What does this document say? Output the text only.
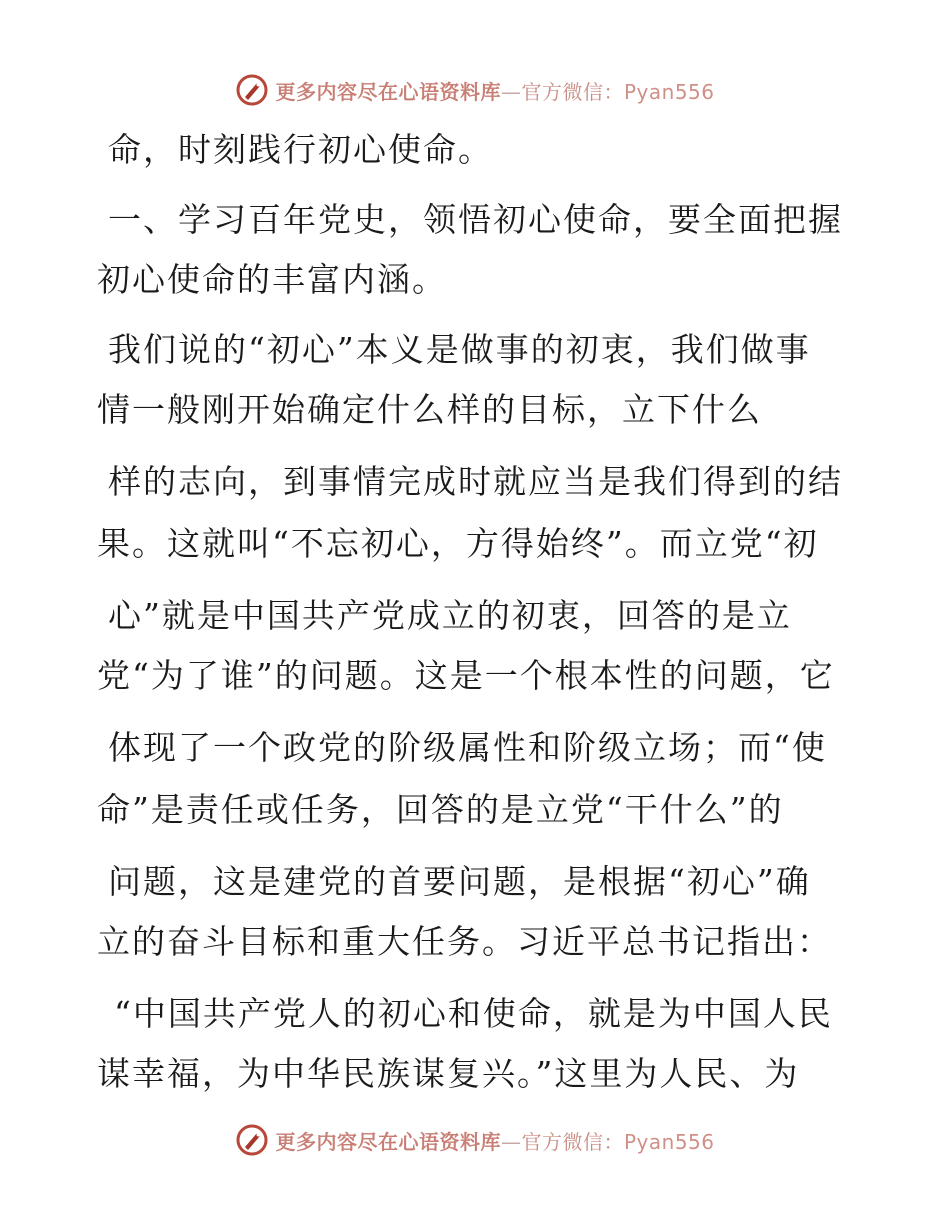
更多内容尽在心语资料库—官方微信：Pyan556
命，时刻践行初心使命。
一、学习百年党史，领悟初心使命，要全面把握
初心使命的丰富内涵。
我们说的“初心”本义是做事的初衷，我们做事
情一般刚开始确定什么样的目标，立下什么
样的志向，到事情完成时就应当是我们得到的结
果。这就叫“不忘初心，方得始终”。而立党“初
心”就是中国共产党成立的初衷，回答的是立
党“为了谁”的问题。这是一个根本性的问题，它
体现了一个政党的阶级属性和阶级立场；而“使
命”是责任或任务，回答的是立党“干什么”的
问题，这是建党的首要问题，是根据“初心”确
立的奋斗目标和重大任务。习近平总书记指出：
“中国共产党人的初心和使命，就是为中国人民
谋幸福，为中华民族谋复兴。”这里为人民、为
更多内容尽在心语资料库—官方微信：Pyan556
